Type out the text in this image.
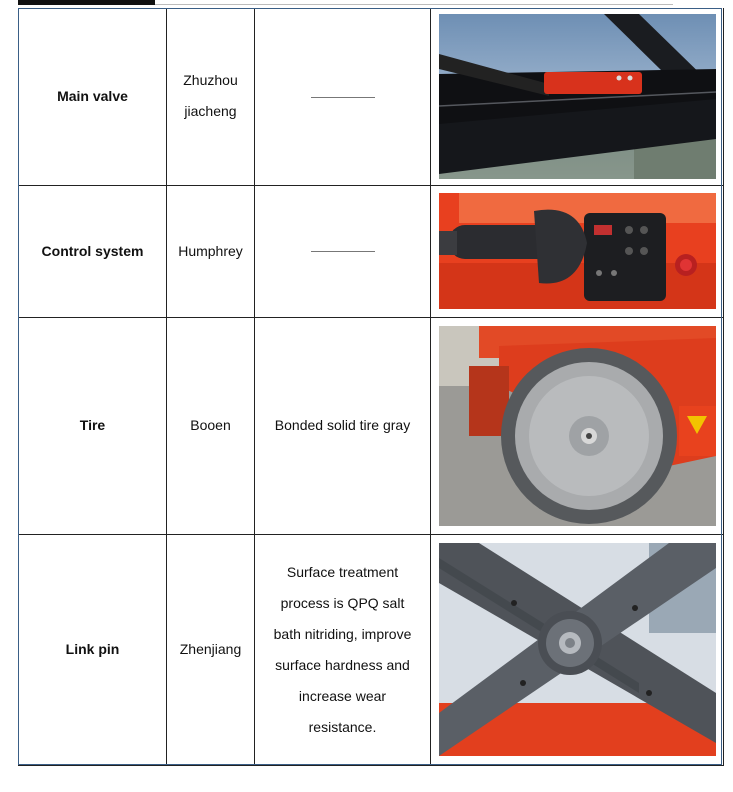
Main valve	Zhuzhou jiacheng

Control system	Humphrey		

Tire	Booen	Bonded solid tire gray	

Link pin	Zhenjiang	Surface treatment process is QPQ salt bath nitriding, improve surface hardness and increase wear resistance.
